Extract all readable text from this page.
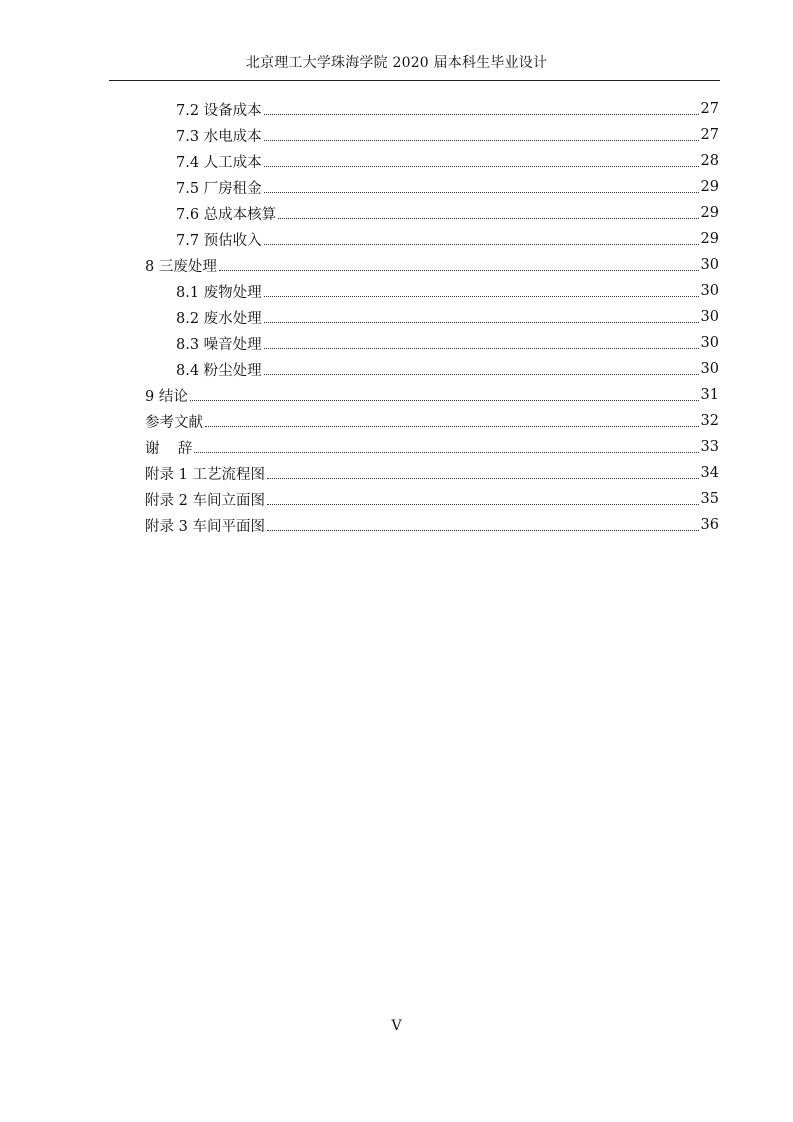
北京理工大学珠海学院 2020 届本科生毕业设计
7.2 设备成本	27
7.3 水电成本	27
7.4 人工成本	28
7.5 厂房租金	29
7.6 总成本核算	29
7.7 预估收入	29
8 三废处理	30
8.1 废物处理	30
8.2 废水处理	30
8.3 噪音处理	30
8.4 粉尘处理	30
9 结论	31
参考文献	32
谢    辞	33
附录 1 工艺流程图	34
附录 2 车间立面图	35
附录 3 车间平面图	36
V
